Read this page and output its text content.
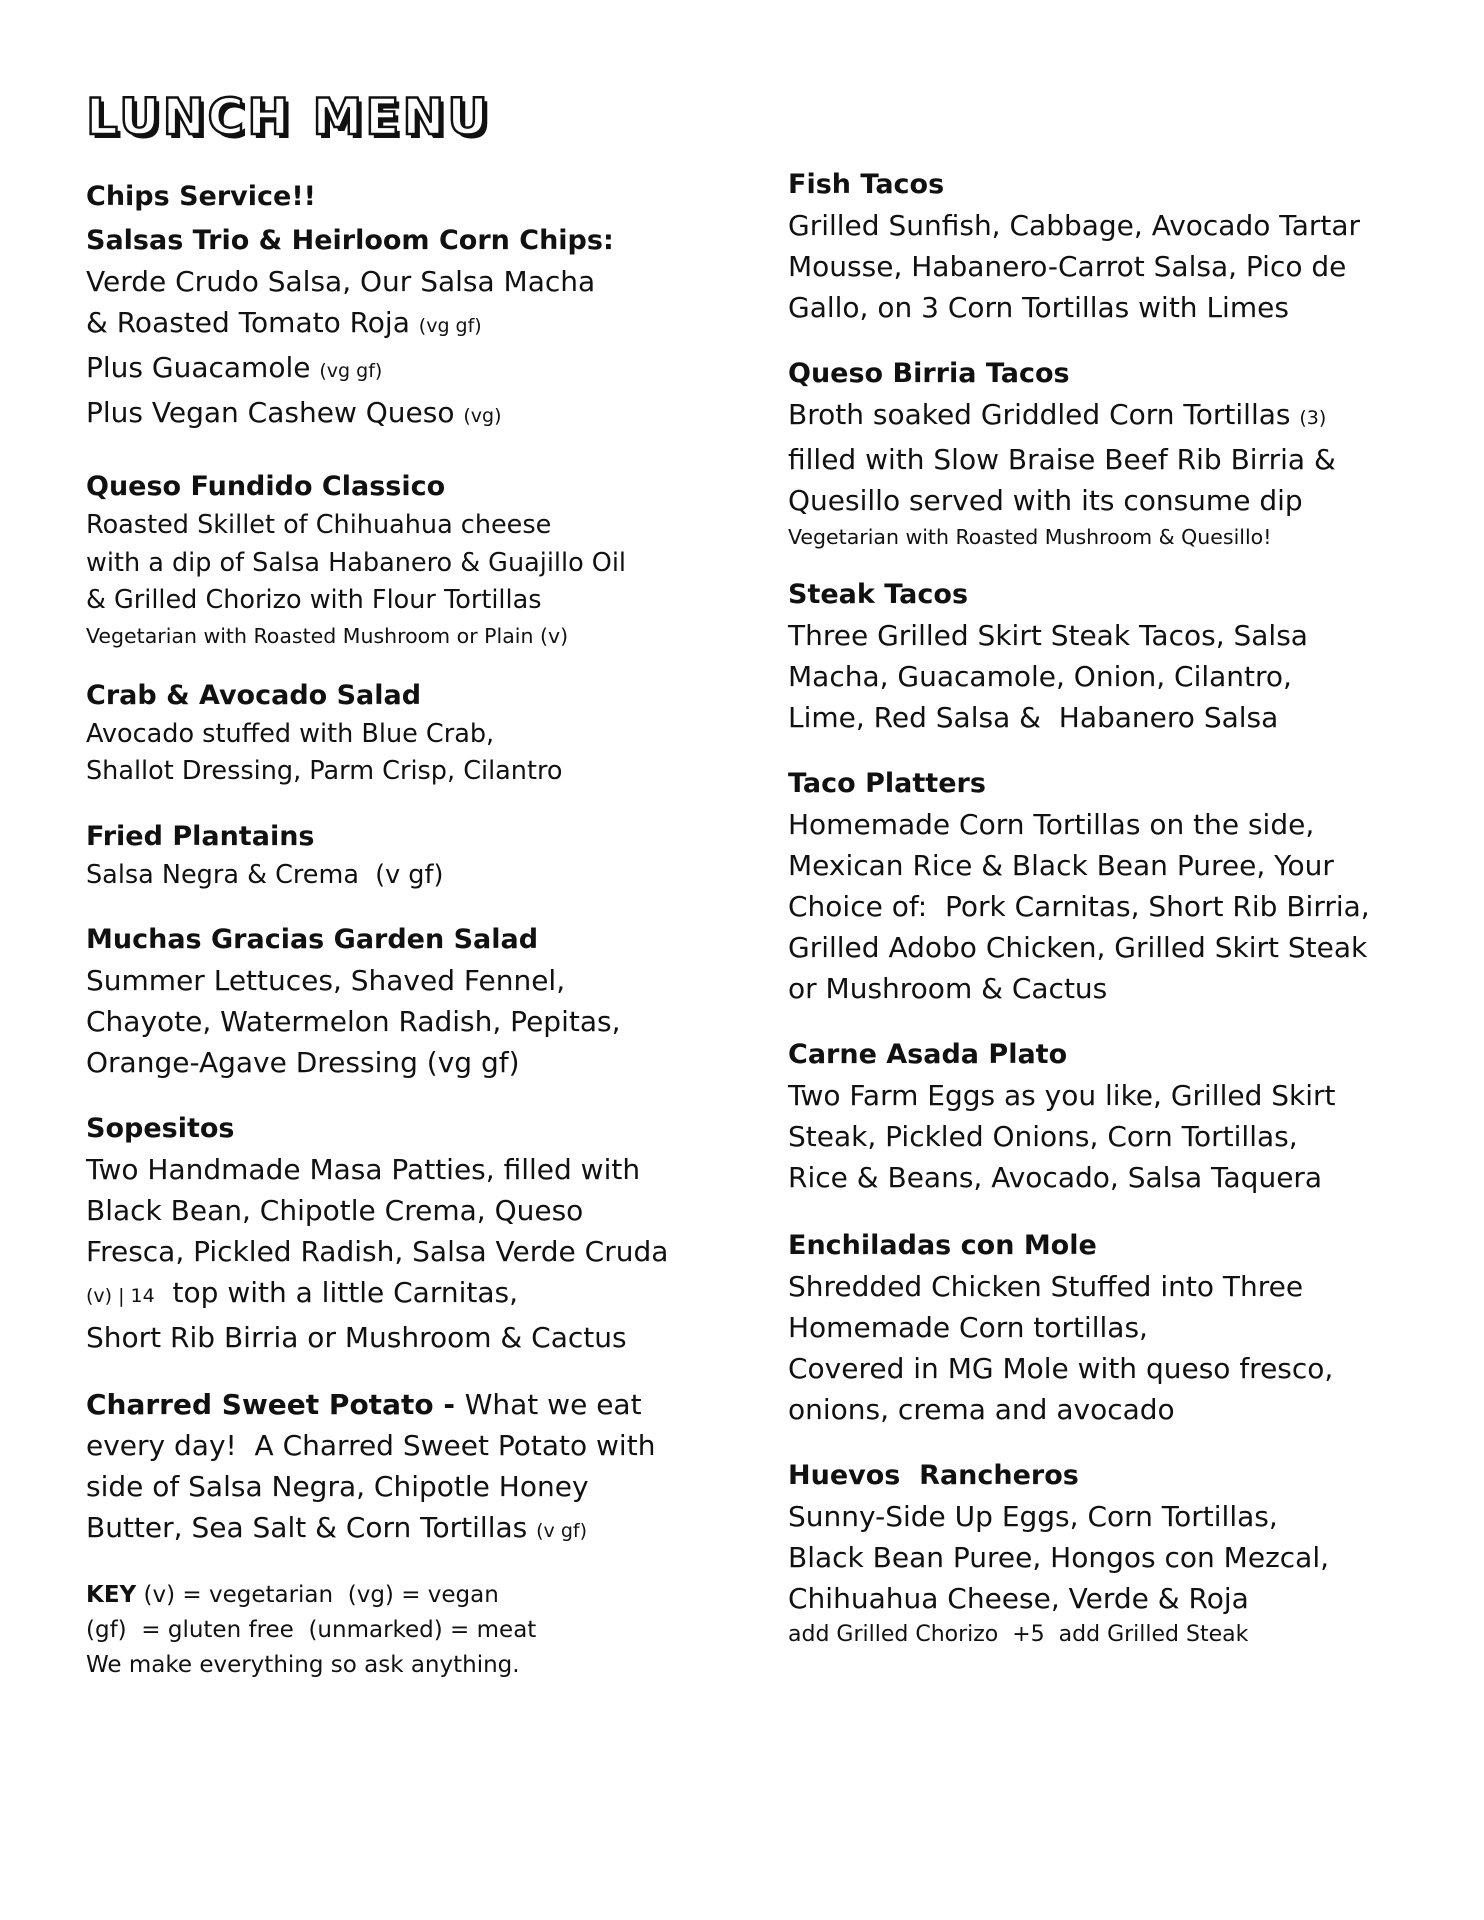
LUNCH MENU
Chips Service!!
Salsas Trio & Heirloom Corn Chips:
Verde Crudo Salsa, Our Salsa Macha
& Roasted Tomato Roja (vg gf)
Plus Guacamole (vg gf)
Plus Vegan Cashew Queso (vg)
Queso Fundido Classico
Roasted Skillet of Chihuahua cheese
with a dip of Salsa Habanero & Guajillo Oil
& Grilled Chorizo with Flour Tortillas
Vegetarian with Roasted Mushroom or Plain (v)
Crab & Avocado Salad
Avocado stuffed with Blue Crab,
Shallot Dressing, Parm Crisp, Cilantro
Fried Plantains
Salsa Negra & Crema  (v gf)
Muchas Gracias Garden Salad
Summer Lettuces, Shaved Fennel,
Chayote, Watermelon Radish, Pepitas,
Orange-Agave Dressing (vg gf)
Sopesitos
Two Handmade Masa Patties, filled with
Black Bean, Chipotle Crema, Queso
Fresca, Pickled Radish, Salsa Verde Cruda
(v) | 14  top with a little Carnitas,
Short Rib Birria or Mushroom & Cactus
Charred Sweet Potato - What we eat
every day!  A Charred Sweet Potato with
side of Salsa Negra, Chipotle Honey
Butter, Sea Salt & Corn Tortillas (v gf)
KEY (v) = vegetarian  (vg) = vegan
(gf)  = gluten free  (unmarked) = meat
We make everything so ask anything.
Fish Tacos
Grilled Sunfish, Cabbage, Avocado Tartar
Mousse, Habanero-Carrot Salsa, Pico de
Gallo, on 3 Corn Tortillas with Limes
Queso Birria Tacos
Broth soaked Griddled Corn Tortillas (3)
filled with Slow Braise Beef Rib Birria &
Quesillo served with its consume dip
Vegetarian with Roasted Mushroom & Quesillo!
Steak Tacos
Three Grilled Skirt Steak Tacos, Salsa
Macha, Guacamole, Onion, Cilantro,
Lime, Red Salsa &  Habanero Salsa
Taco Platters
Homemade Corn Tortillas on the side,
Mexican Rice & Black Bean Puree, Your
Choice of:  Pork Carnitas, Short Rib Birria,
Grilled Adobo Chicken, Grilled Skirt Steak
or Mushroom & Cactus
Carne Asada Plato
Two Farm Eggs as you like, Grilled Skirt
Steak, Pickled Onions, Corn Tortillas,
Rice & Beans, Avocado, Salsa Taquera
Enchiladas con Mole
Shredded Chicken Stuffed into Three
Homemade Corn tortillas,
Covered in MG Mole with queso fresco,
onions, crema and avocado
Huevos  Rancheros
Sunny-Side Up Eggs, Corn Tortillas,
Black Bean Puree, Hongos con Mezcal,
Chihuahua Cheese, Verde & Roja
add Grilled Chorizo  +5  add Grilled Steak
